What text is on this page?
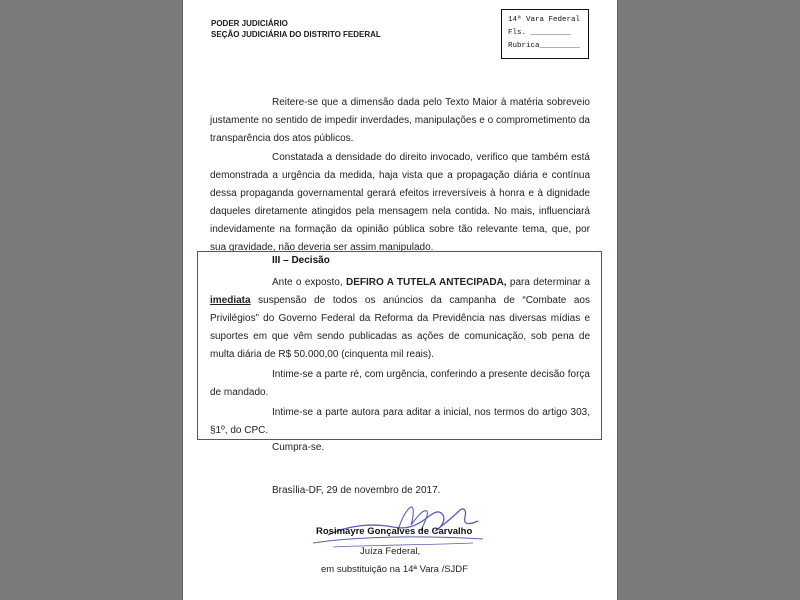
PODER JUDICIÁRIO
SEÇÃO JUDICIÁRIA DO DISTRITO FEDERAL
14ª Vara Federal
Fls. _________
Rubrica_________

Reitere-se que a dimensão dada pelo Texto Maior à matéria sobreveio justamente no sentido de impedir inverdades, manipulações e o comprometimento da transparência dos atos públicos.

Constatada a densidade do direito invocado, verifico que também está demonstrada a urgência da medida, haja vista que a propagação diária e contínua dessa propaganda governamental gerará efeitos irreversíveis à honra e à dignidade daqueles diretamente atingidos pela mensagem nela contida. No mais, influenciará indevidamente na formação da opinião pública sobre tão relevante tema, que, por sua gravidade, não deveria ser assim manipulado.

III – Decisão

Ante o exposto, DEFIRO A TUTELA ANTECIPADA, para determinar a imediata suspensão de todos os anúncios da campanha de “Combate aos Privilégios” do Governo Federal da Reforma da Previdência nas diversas mídias e suportes em que vêm sendo publicadas as ações de comunicação, sob pena de multa diária de R$ 50.000,00 (cinquenta mil reais).

Intime-se a parte ré, com urgência, conferindo a presente decisão força de mandado.

Intime-se a parte autora para aditar a inicial, nos termos do artigo 303, §1º, do CPC.

Cumpra-se.
Brasília-DF, 29 de novembro de 2017.
Rosimayre Gonçalves de Carvalho
Juíza Federal,
em substituição na 14ª Vara /SJDF
